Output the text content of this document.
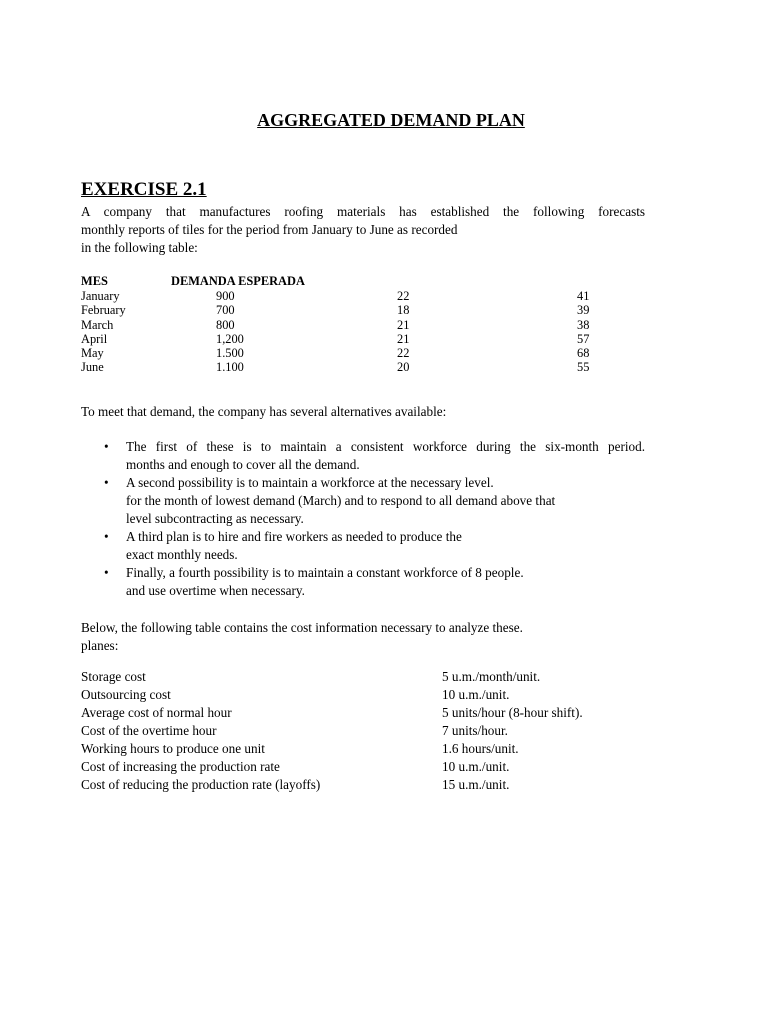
AGGREGATED DEMAND PLAN
EXERCISE 2.1
A company that manufactures roofing materials has established the following forecasts
monthly reports of tiles for the period from January to June as recorded
in the following table:
MES	DEMANDA ESPERADA
January	900	22	41
February	700	18	39
March	800	21	38
April	1,200	21	57
May	1.500	22	68
June	1.100	20	55
To meet that demand, the company has several alternatives available:
• The first of these is to maintain a consistent workforce during the six-month period.
months and enough to cover all the demand.
• A second possibility is to maintain a workforce at the necessary level.
for the month of lowest demand (March) and to respond to all demand above that
level subcontracting as necessary.
• A third plan is to hire and fire workers as needed to produce the
exact monthly needs.
• Finally, a fourth possibility is to maintain a constant workforce of 8 people.
and use overtime when necessary.
Below, the following table contains the cost information necessary to analyze these.
planes:
Storage cost	5 u.m./month/unit.
Outsourcing cost	10 u.m./unit.
Average cost of normal hour	5 units/hour (8-hour shift).
Cost of the overtime hour	7 units/hour.
Working hours to produce one unit	1.6 hours/unit.
Cost of increasing the production rate	10 u.m./unit.
Cost of reducing the production rate (layoffs)	15 u.m./unit.
